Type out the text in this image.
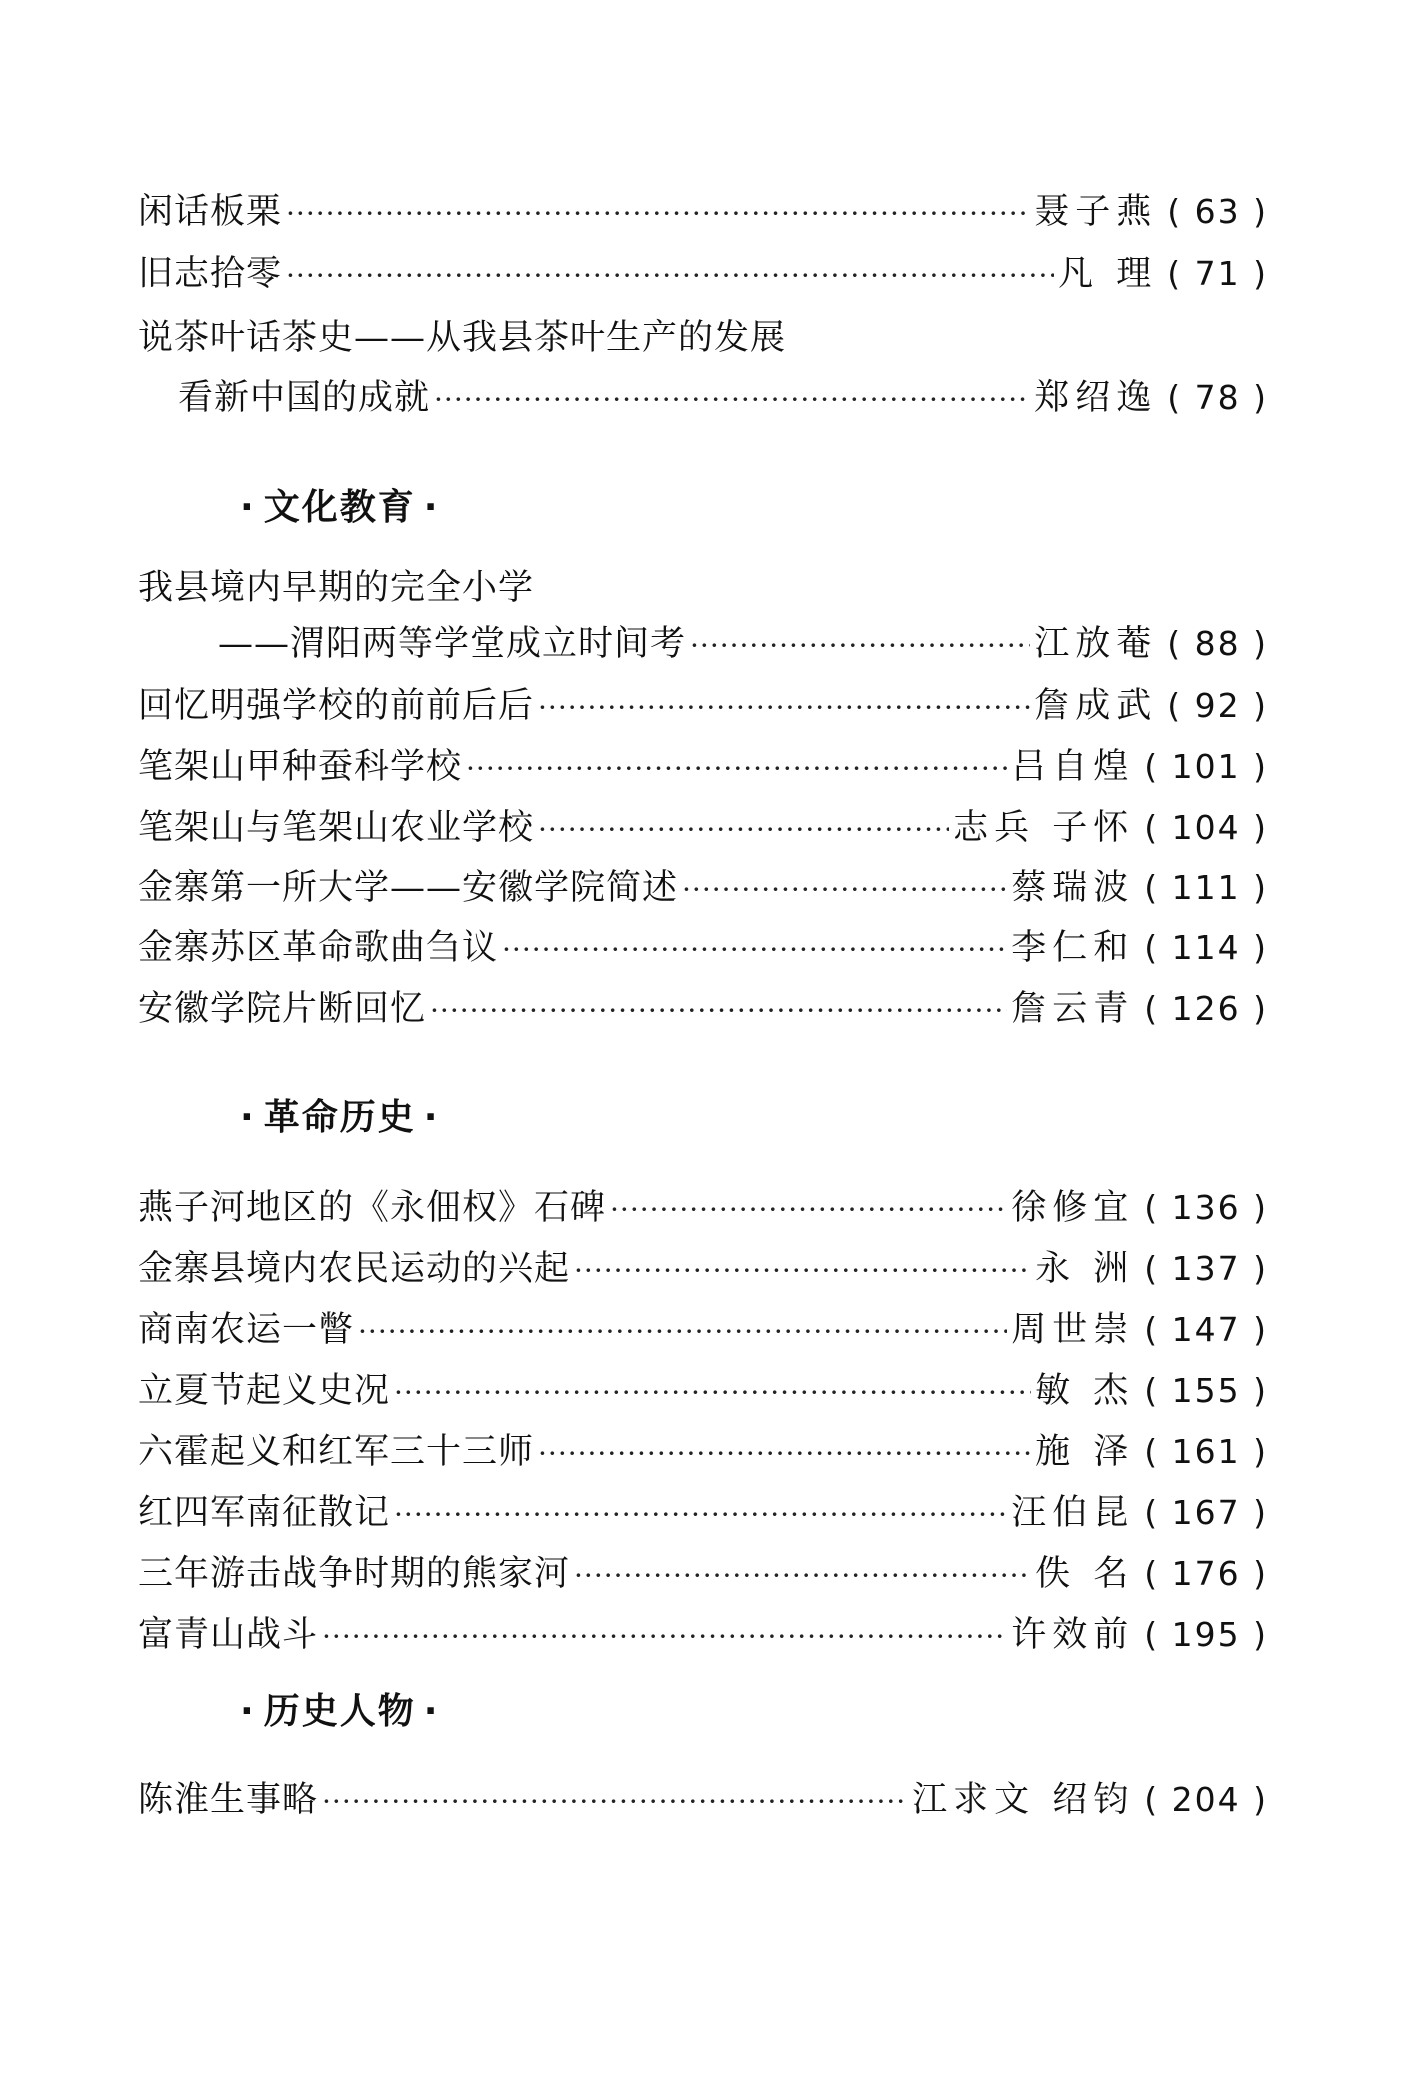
闲话板栗 ·····	聂子燕 ( 63 )
旧志拾零 ·····	凡 理 ( 71 )
说茶叶话茶史——从我县茶叶生产的发展
看新中国的成就 ·····	郑绍逸 ( 78 )
· 文化教育 ·
我县境内早期的完全小学
——渭阳两等学堂成立时间考 ·····	江放菴 ( 88 )
回忆明强学校的前前后后 ·····	詹成武 ( 92 )
笔架山甲种蚕科学校 ·····	吕自煌 ( 101 )
笔架山与笔架山农业学校 ·····	志兵 子怀 ( 104 )
金寨第一所大学——安徽学院简述 ·····	蔡瑞波 ( 111 )
金寨苏区革命歌曲刍议 ·····	李仁和 ( 114 )
安徽学院片断回忆 ·····	詹云青 ( 126 )
· 革命历史 ·
燕子河地区的《永佃权》石碑 ·····	徐修宜 ( 136 )
金寨县境内农民运动的兴起 ·····	永 洲 ( 137 )
商南农运一瞥 ·····	周世崇 ( 147 )
立夏节起义史况 ·····	敏 杰 ( 155 )
六霍起义和红军三十三师 ·····	施 泽 ( 161 )
红四军南征散记 ·····	汪伯昆 ( 167 )
三年游击战争时期的熊家河 ·····	佚 名 ( 176 )
富青山战斗 ·····	许效前 ( 195 )
· 历史人物 ·
陈淮生事略 ·····	江求文 绍钧 ( 204 )
